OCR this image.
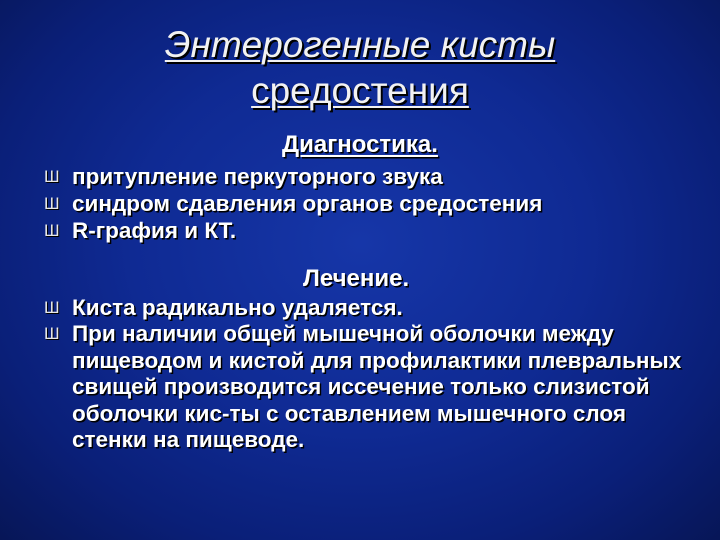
Энтерогенные кисты
средостения
Диагностика.
Ш притупление перкуторного звука
Ш синдром сдавления органов средостения
Ш R-графия и КТ.
Лечение.
Ш Киста радикально удаляется.
Ш При наличии общей мышечной оболочки между пищеводом и кистой для профилактики плевральных свищей производится иссечение только слизистой оболочки кис-ты с оставлением мышечного слоя стенки на пищеводе.
